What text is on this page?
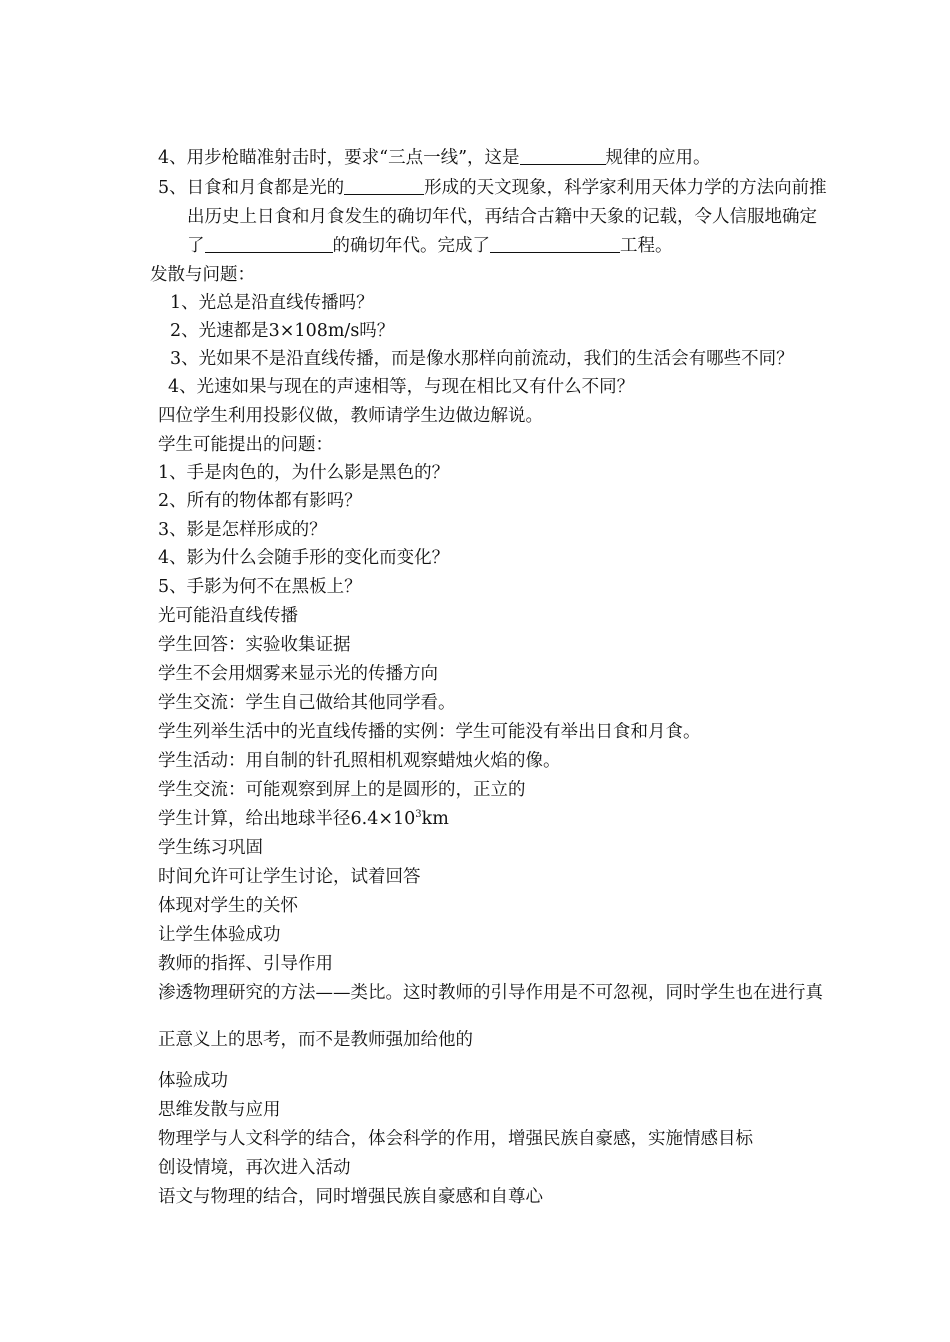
4、用步枪瞄准射击时，要求“三点一线”，这是	规律的应用。
5、日食和月食都是光的	形成的天文现象，科学家利用天体力学的方法向前推
出历史上日食和月食发生的确切年代，再结合古籍中天象的记载，令人信服地确定
了	的确切年代。完成了	工程。
发散与问题：
1、光总是沿直线传播吗？
2、光速都是3×108m/s吗？
3、光如果不是沿直线传播，而是像水那样向前流动，我们的生活会有哪些不同？
4、光速如果与现在的声速相等，与现在相比又有什么不同？
四位学生利用投影仪做，教师请学生边做边解说。
学生可能提出的问题：
1、手是肉色的，为什么影是黑色的？
2、所有的物体都有影吗？
3、影是怎样形成的？
4、影为什么会随手形的变化而变化？
5、手影为何不在黑板上？
光可能沿直线传播
学生回答：实验收集证据
学生不会用烟雾来显示光的传播方向
学生交流：学生自己做给其他同学看。
学生列举生活中的光直线传播的实例：学生可能没有举出日食和月食。
学生活动：用自制的针孔照相机观察蜡烛火焰的像。
学生交流：可能观察到屏上的是圆形的，正立的
学生计算，给出地球半径$6.4\times 10^3km$
学生练习巩固
时间允许可让学生讨论，试着回答
体现对学生的关怀
让学生体验成功
教师的指挥、引导作用
渗透物理研究的方法——类比。这时教师的引导作用是不可忽视，同时学生也在进行真
正意义上的思考，而不是教师强加给他的
体验成功
思维发散与应用
物理学与人文科学的结合，体会科学的作用，增强民族自豪感，实施情感目标
创设情境，再次进入活动
语文与物理的结合，同时增强民族自豪感和自尊心
